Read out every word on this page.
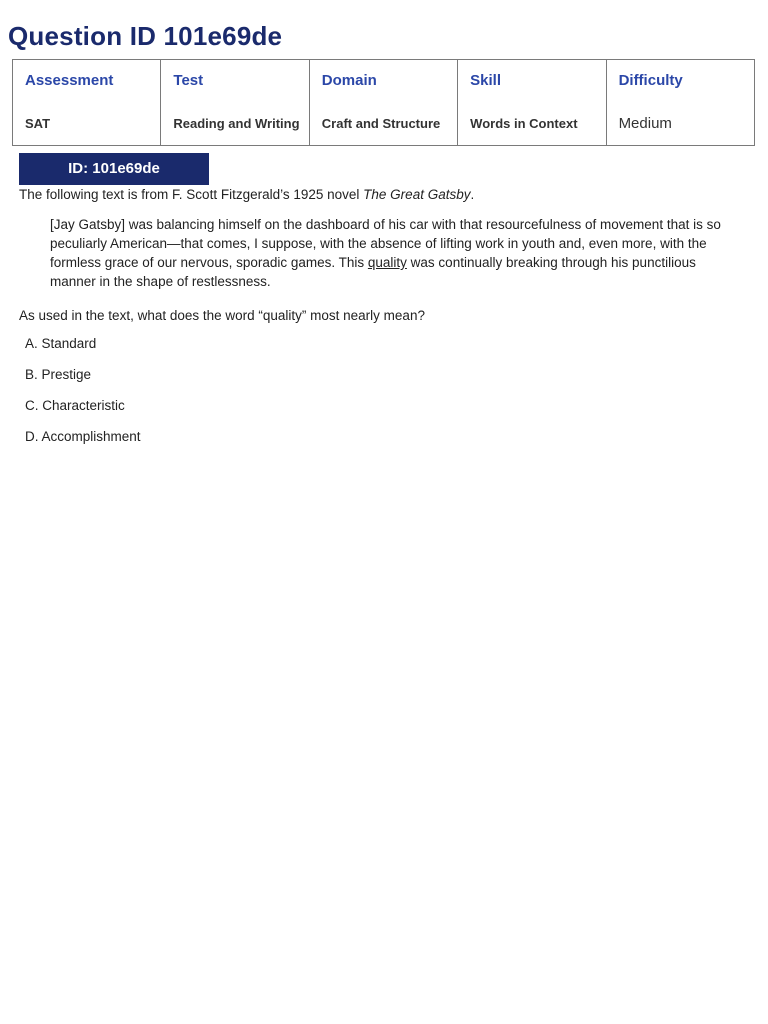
Question ID 101e69de
Assessment	Test	Domain	Skill	Difficulty
SAT	Reading and Writing	Craft and Structure	Words in Context	Medium
ID: 101e69de
The following text is from F. Scott Fitzgerald’s 1925 novel The Great Gatsby.
[Jay Gatsby] was balancing himself on the dashboard of his car with that resourcefulness of movement that is so peculiarly American—that comes, I suppose, with the absence of lifting work in youth and, even more, with the formless grace of our nervous, sporadic games. This quality was continually breaking through his punctilious manner in the shape of restlessness.
As used in the text, what does the word “quality” most nearly mean?
A. Standard
B. Prestige
C. Characteristic
D. Accomplishment
